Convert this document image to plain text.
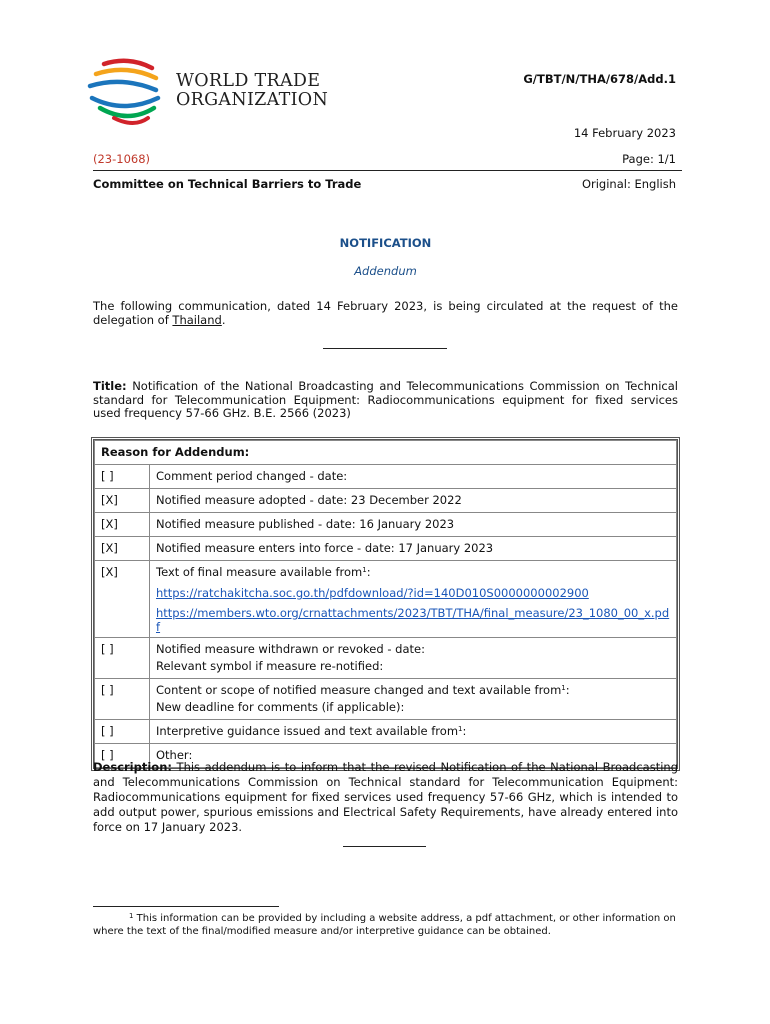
WORLD TRADE
ORGANIZATION
G/TBT/N/THA/678/Add.1
14 February 2023
(23-1068)	Page: 1/1
Committee on Technical Barriers to Trade	Original: English
NOTIFICATION
Addendum
The following communication, dated 14 February 2023, is being circulated at the request of the delegation of Thailand.
Title: Notification of the National Broadcasting and Telecommunications Commission on Technical standard for Telecommunication Equipment: Radiocommunications equipment for fixed services used frequency 57-66 GHz. B.E. 2566 (2023)
Reason for Addendum:	
[ ]	Comment period changed - date:
[X]	Notified measure adopted - date: 23 December 2022
[X]	Notified measure published - date: 16 January 2023
[X]	Notified measure enters into force - date: 17 January 2023
[X]	Text of final measure available from$^1$:
https://ratchakitcha.soc.go.th/pdfdownload/?id=140D010S0000000002900
https://members.wto.org/crnattachments/2023/TBT/THA/final_measure/23_1080_00_x.pdf

[ ]	Notified measure withdrawn or revoked - date:
Relevant symbol if measure re-notified:

[ ]	Content or scope of notified measure changed and text available from$^1$:
New deadline for comments (if applicable):

[ ]	Interpretive guidance issued and text available from$^1$:
[ ]	Other:
Description: This addendum is to inform that the revised Notification of the National Broadcasting and Telecommunications Commission on Technical standard for Telecommunication Equipment: Radiocommunications equipment for fixed services used frequency 57-66 GHz, which is intended to add output power, spurious emissions and Electrical Safety Requirements, have already entered into force on 17 January 2023.
$^1$ This information can be provided by including a website address, a pdf attachment, or other information on where the text of the final/modified measure and/or interpretive guidance can be obtained.
